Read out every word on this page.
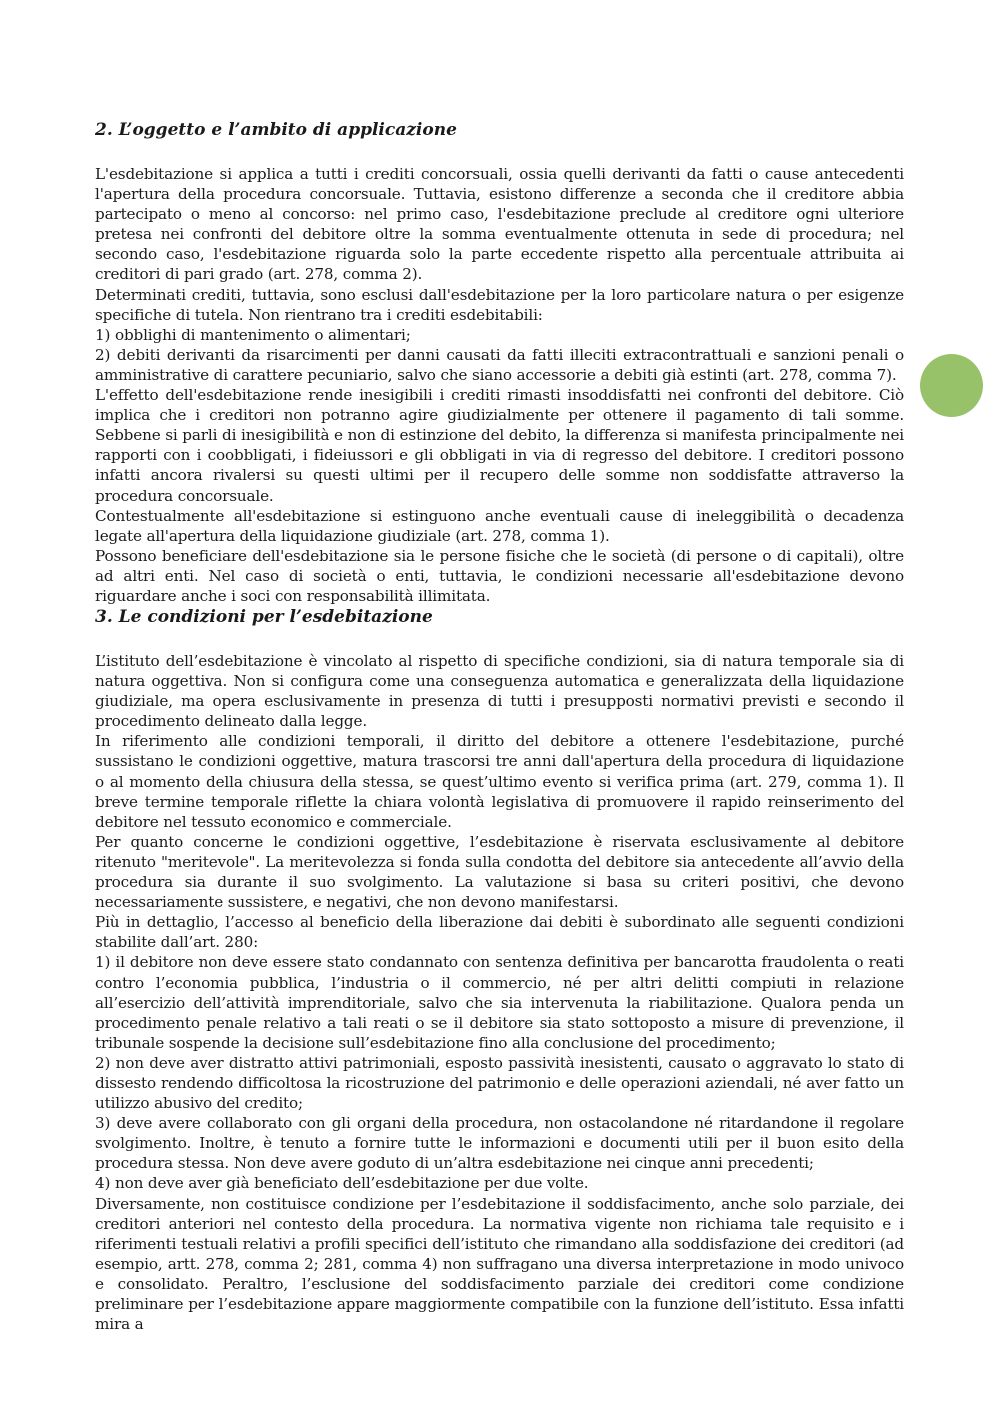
2. L’oggetto e l’ambito di applicazione

L'esdebitazione si applica a tutti i crediti concorsuali, ossia quelli derivanti da fatti o cause antecedenti l'apertura della procedura concorsuale. Tuttavia, esistono differenze a seconda che il creditore abbia partecipato o meno al concorso: nel primo caso, l'esdebitazione preclude al creditore ogni ulteriore pretesa nei confronti del debitore oltre la somma eventualmente ottenuta in sede di procedura; nel secondo caso, l'esdebitazione riguarda solo la parte eccedente rispetto alla percentuale attribuita ai creditori di pari grado (art. 278, comma 2).

Determinati crediti, tuttavia, sono esclusi dall'esdebitazione per la loro particolare natura o per esigenze specifiche di tutela. Non rientrano tra i crediti esdebitabili:

1) obblighi di mantenimento o alimentari;

2) debiti derivanti da risarcimenti per danni causati da fatti illeciti extracontrattuali e sanzioni penali o amministrative di carattere pecuniario, salvo che siano accessorie a debiti già estinti (art. 278, comma 7).

L'effetto dell'esdebitazione rende inesigibili i crediti rimasti insoddisfatti nei confronti del debitore. Ciò implica che i creditori non potranno agire giudizialmente per ottenere il pagamento di tali somme. Sebbene si parli di inesigibilità e non di estinzione del debito, la differenza si manifesta principalmente nei rapporti con i coobbligati, i fideiussori e gli obbligati in via di regresso del debitore. I creditori possono infatti ancora rivalersi su questi ultimi per il recupero delle somme non soddisfatte attraverso la procedura concorsuale.

Contestualmente all'esdebitazione si estinguono anche eventuali cause di ineleggibilità o decadenza legate all'apertura della liquidazione giudiziale (art. 278, comma 1).

Possono beneficiare dell'esdebitazione sia le persone fisiche che le società (di persone o di capitali), oltre ad altri enti. Nel caso di società o enti, tuttavia, le condizioni necessarie all'esdebitazione devono riguardare anche i soci con responsabilità illimitata.

3. Le condizioni per l’esdebitazione

L’istituto dell’esdebitazione è vincolato al rispetto di specifiche condizioni, sia di natura temporale sia di natura oggettiva. Non si configura come una conseguenza automatica e generalizzata della liquidazione giudiziale, ma opera esclusivamente in presenza di tutti i presupposti normativi previsti e secondo il procedimento delineato dalla legge.

In riferimento alle condizioni temporali, il diritto del debitore a ottenere l'esdebitazione, purché sussistano le condizioni oggettive, matura trascorsi tre anni dall'apertura della procedura di liquidazione o al momento della chiusura della stessa, se quest’ultimo evento si verifica prima (art. 279, comma 1). Il breve termine temporale riflette la chiara volontà legislativa di promuovere il rapido reinserimento del debitore nel tessuto economico e commerciale.

Per quanto concerne le condizioni oggettive, l’esdebitazione è riservata esclusivamente al debitore ritenuto "meritevole". La meritevolezza si fonda sulla condotta del debitore sia antecedente all’avvio della procedura sia durante il suo svolgimento. La valutazione si basa su criteri positivi, che devono necessariamente sussistere, e negativi, che non devono manifestarsi.

Più in dettaglio, l’accesso al beneficio della liberazione dai debiti è subordinato alle seguenti condizioni stabilite dall’art. 280:

1) il debitore non deve essere stato condannato con sentenza definitiva per bancarotta fraudolenta o reati contro l’economia pubblica, l’industria o il commercio, né per altri delitti compiuti in relazione all’esercizio dell’attività imprenditoriale, salvo che sia intervenuta la riabilitazione. Qualora penda un procedimento penale relativo a tali reati o se il debitore sia stato sottoposto a misure di prevenzione, il tribunale sospende la decisione sull’esdebitazione fino alla conclusione del procedimento;

2) non deve aver distratto attivi patrimoniali, esposto passività inesistenti, causato o aggravato lo stato di dissesto rendendo difficoltosa la ricostruzione del patrimonio e delle operazioni aziendali, né aver fatto un utilizzo abusivo del credito;

3) deve avere collaborato con gli organi della procedura, non ostacolandone né ritardandone il regolare svolgimento. Inoltre, è tenuto a fornire tutte le informazioni e documenti utili per il buon esito della procedura stessa. Non deve avere goduto di un’altra esdebitazione nei cinque anni precedenti;

4) non deve aver già beneficiato dell’esdebitazione per due volte.

Diversamente, non costituisce condizione per l’esdebitazione il soddisfacimento, anche solo parziale, dei creditori anteriori nel contesto della procedura. La normativa vigente non richiama tale requisito e i riferimenti testuali relativi a profili specifici dell’istituto che rimandano alla soddisfazione dei creditori (ad esempio, artt. 278, comma 2; 281, comma 4) non suffragano una diversa interpretazione in modo univoco e consolidato. Peraltro, l’esclusione del soddisfacimento parziale dei creditori come condizione preliminare per l’esdebitazione appare maggiormente compatibile con la funzione dell’istituto. Essa infatti mira a
